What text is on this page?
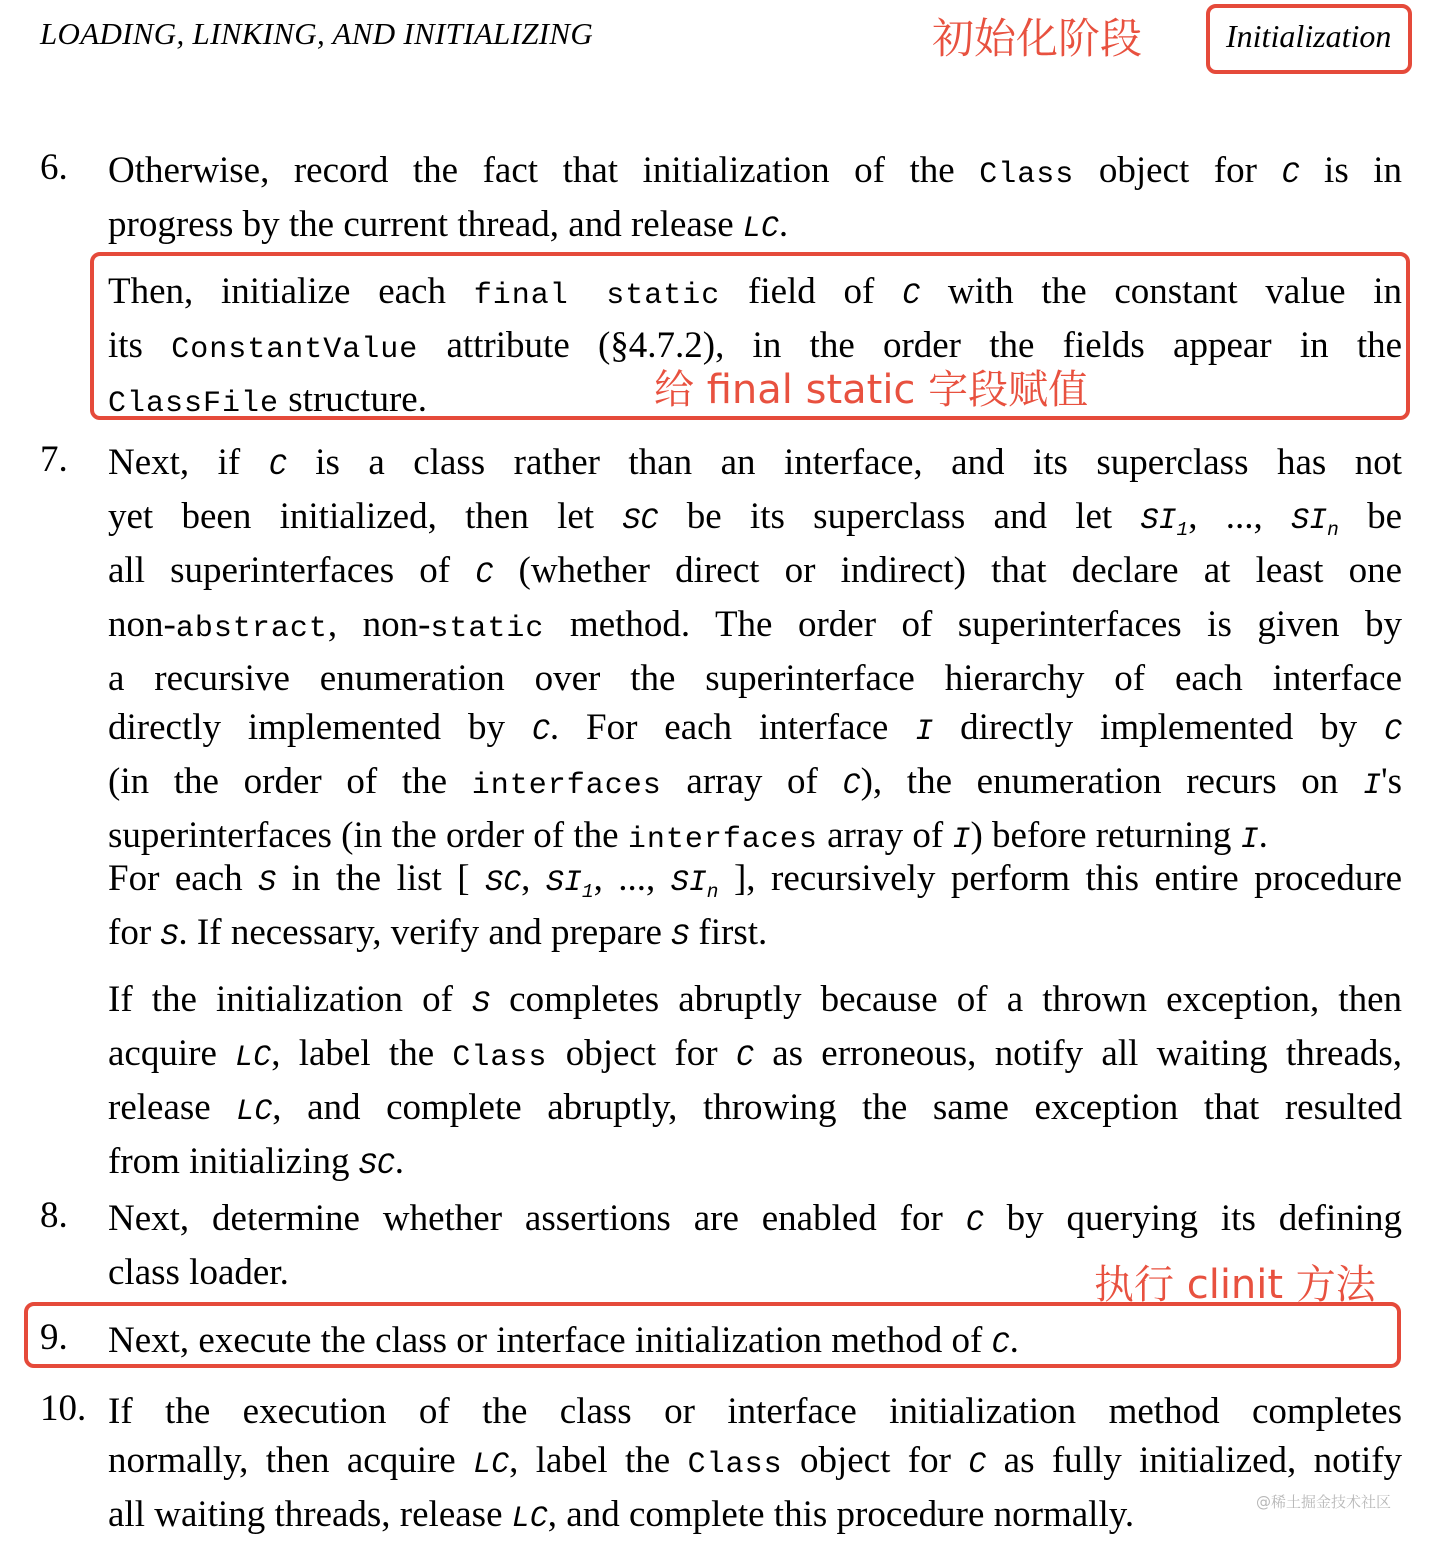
LOADING, LINKING, AND INITIALIZING	初始化阶段	Initialization
6. Otherwise, record the fact that initialization of the Class object for C is in
progress by the current thread, and release LC.
Then, initialize each final static field of C with the constant value in
its ConstantValue attribute (§4.7.2), in the order the fields appear in the
ClassFile structure.	给 final static 字段赋值
7. Next, if C is a class rather than an interface, and its superclass has not
yet been initialized, then let SC be its superclass and let $SI_1$, ..., $SI_n$ be
all superinterfaces of C (whether direct or indirect) that declare at least one
non-abstract, non-static method. The order of superinterfaces is given by
a recursive enumeration over the superinterface hierarchy of each interface
directly implemented by C. For each interface I directly implemented by C
(in the order of the interfaces array of C), the enumeration recurs on I's
superinterfaces (in the order of the interfaces array of I) before returning I.
For each S in the list [ SC, $SI_1$, ..., $SI_n$ ], recursively perform this entire procedure
for S. If necessary, verify and prepare S first.
If the initialization of S completes abruptly because of a thrown exception, then
acquire LC, label the Class object for C as erroneous, notify all waiting threads,
release LC, and complete abruptly, throwing the same exception that resulted
from initializing SC.
8. Next, determine whether assertions are enabled for C by querying its defining
class loader.	执行 clinit 方法
9. Next, execute the class or interface initialization method of C.
10. If the execution of the class or interface initialization method completes
normally, then acquire LC, label the Class object for C as fully initialized, notify
all waiting threads, release LC, and complete this procedure normally.	@稀土掘金技术社区
